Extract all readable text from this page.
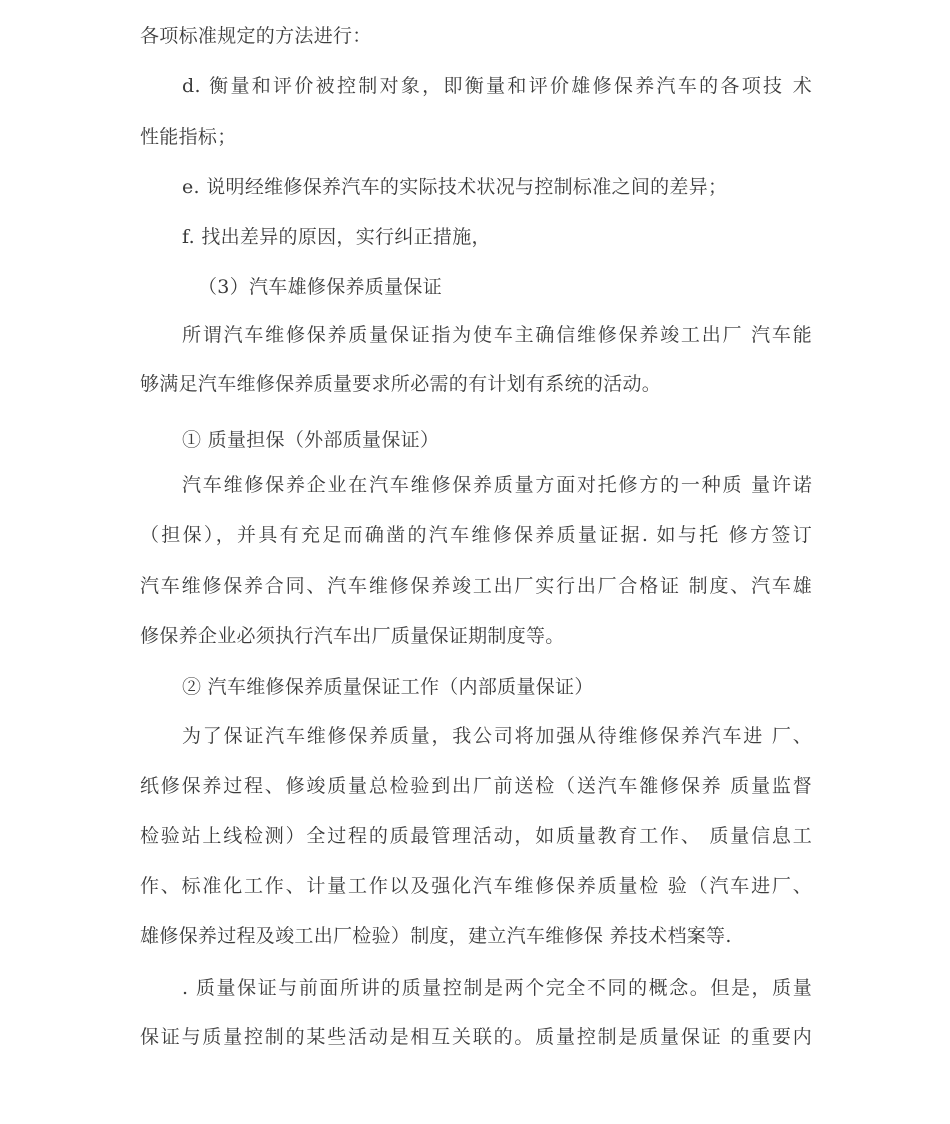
各项标准规定的方法进行：
d. 衡量和评价被控制对象，即衡量和评价雄修保养汽车的各项技 术
性能指标；
e. 说明经维修保养汽车的实际技术状况与控制标准之间的差异；
f. 找出差异的原因，实行纠正措施，
（3）汽车雄修保养质量保证
所谓汽车维修保养质量保证指为使车主确信维修保养竣工出厂 汽车能
够满足汽车维修保养质量要求所必需的有计划有系统的活动。
① 质量担保（外部质量保证）
汽车维修保养企业在汽车维修保养质量方面对托修方的一种质 量许诺
（担保），并具有充足而确凿的汽车维修保养质量证据. 如与托 修方签订
汽车维修保养合同、汽车维修保养竣工出厂实行出厂合格证 制度、汽车雄
修保养企业必须执行汽车出厂质量保证期制度等。
② 汽车维修保养质量保证工作（内部质量保证）
为了保证汽车维修保养质量，我公司将加强从待维修保养汽车进 厂、
纸修保养过程、修竣质量总检验到出厂前送检（送汽车雒修保养 质量监督
检验站上线检测）全过程的质最管理活动，如质量教育工作、 质量信息工
作、标准化工作、计量工作以及强化汽车维修保养质量检 验（汽车进厂、
雄修保养过程及竣工出厂检验）制度，建立汽车维修保 养技术档案等.
. 质量保证与前面所讲的质量控制是两个完全不同的概念。但是，质量
保证与质量控制的某些活动是相互关联的。质量控制是质量保证 的重要内
